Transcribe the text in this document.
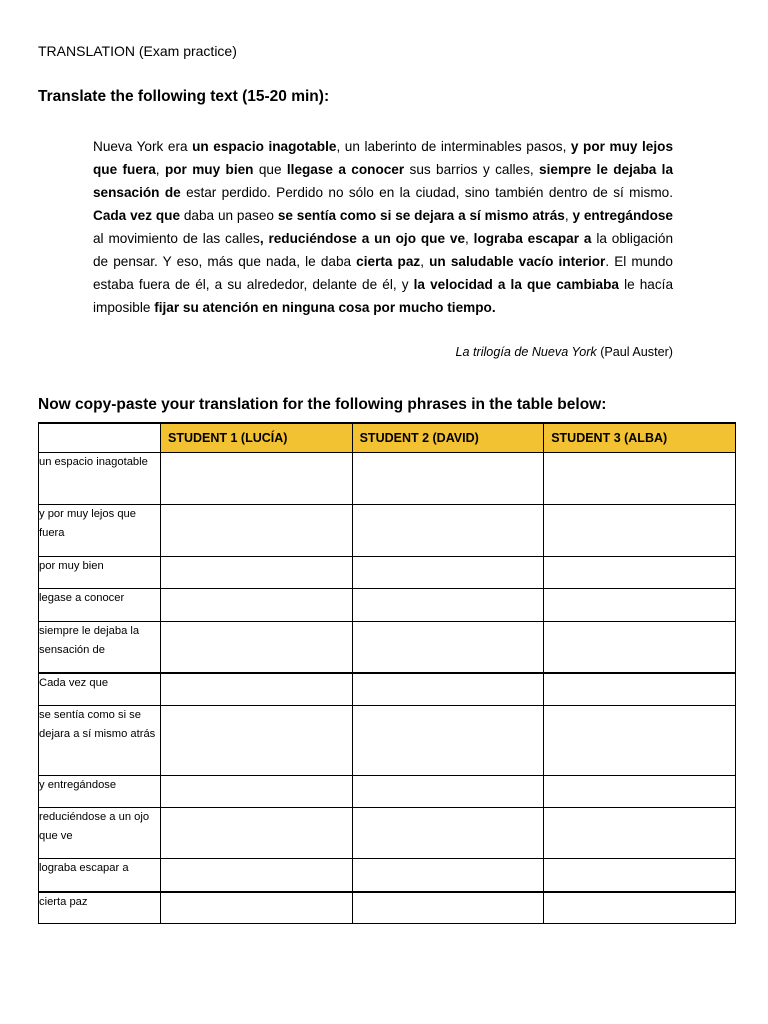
TRANSLATION (Exam practice)
Translate the following text (15-20 min):
Nueva York era un espacio inagotable, un laberinto de interminables pasos, y por muy lejos que fuera, por muy bien que llegase a conocer sus barrios y calles, siempre le dejaba la sensación de estar perdido. Perdido no sólo en la ciudad, sino también dentro de sí mismo. Cada vez que daba un paseo se sentía como si se dejara a sí mismo atrás, y entregándose al movimiento de las calles, reduciéndose a un ojo que ve, lograba escapar a la obligación de pensar. Y eso, más que nada, le daba cierta paz, un saludable vacío interior. El mundo estaba fuera de él, a su alrededor, delante de él, y la velocidad a la que cambiaba le hacía imposible fijar su atención en ninguna cosa por mucho tiempo.
La trilogía de Nueva York (Paul Auster)
Now copy-paste your translation for the following phrases in the table below:
	STUDENT 1 (LUCÍA)	STUDENT 2 (DAVID)	STUDENT 3 (ALBA)
un espacio inagotable			
y por muy lejos que fuera			
por muy bien			
legase a conocer			
siempre le dejaba la sensación de			
Cada vez que			
se sentía como si se dejara a sí mismo atrás			
y entregándose			
reduciéndose a un ojo que ve			
lograba escapar a			
cierta paz			
